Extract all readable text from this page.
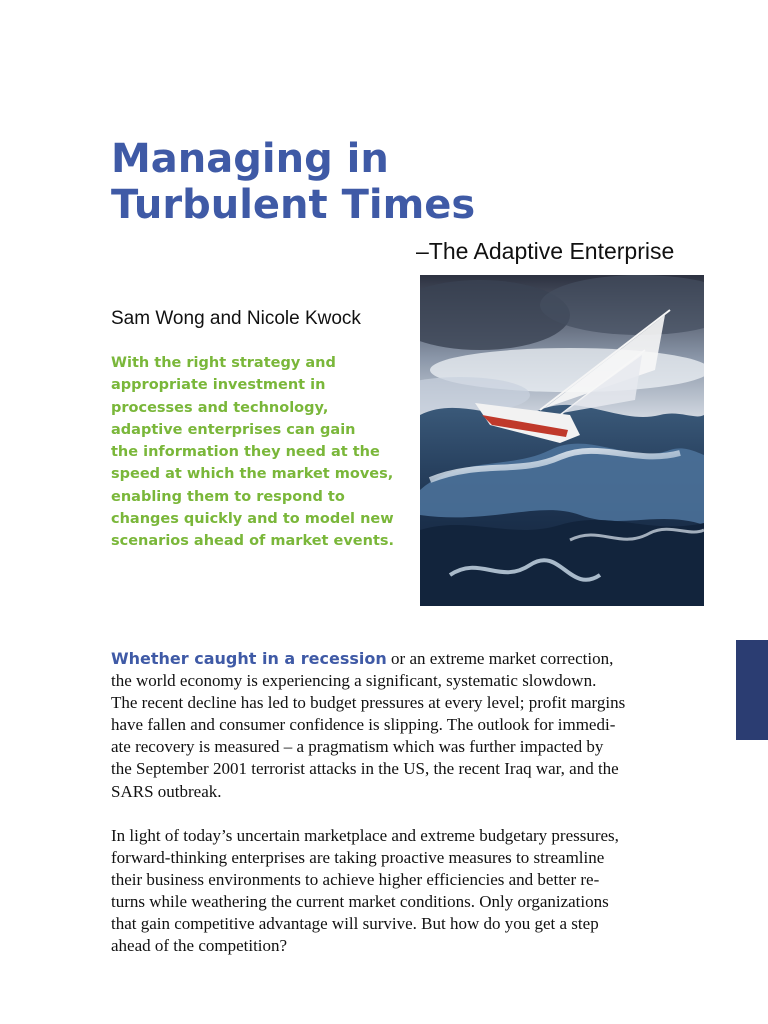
Managing in
Turbulent Times
–The Adaptive Enterprise
Sam Wong and Nicole Kwock

With the right strategy and
appropriate investment in
processes and technology,
adaptive enterprises can gain
the information they need at the
speed at which the market moves,
enabling them to respond to
changes quickly and to model new
scenarios ahead of market events.

Whether caught in a recession or an extreme market correction,
the world economy is experiencing a significant, systematic slowdown.
The recent decline has led to budget pressures at every level; profit margins
have fallen and consumer confidence is slipping. The outlook for immedi-
ate recovery is measured – a pragmatism which was further impacted by
the September 2001 terrorist attacks in the US, the recent Iraq war, and the
SARS outbreak.

In light of today’s uncertain marketplace and extreme budgetary pressures,
forward-thinking enterprises are taking proactive measures to streamline
their business environments to achieve higher efficiencies and better re-
turns while weathering the current market conditions. Only organizations
that gain competitive advantage will survive. But how do you get a step
ahead of the competition?
